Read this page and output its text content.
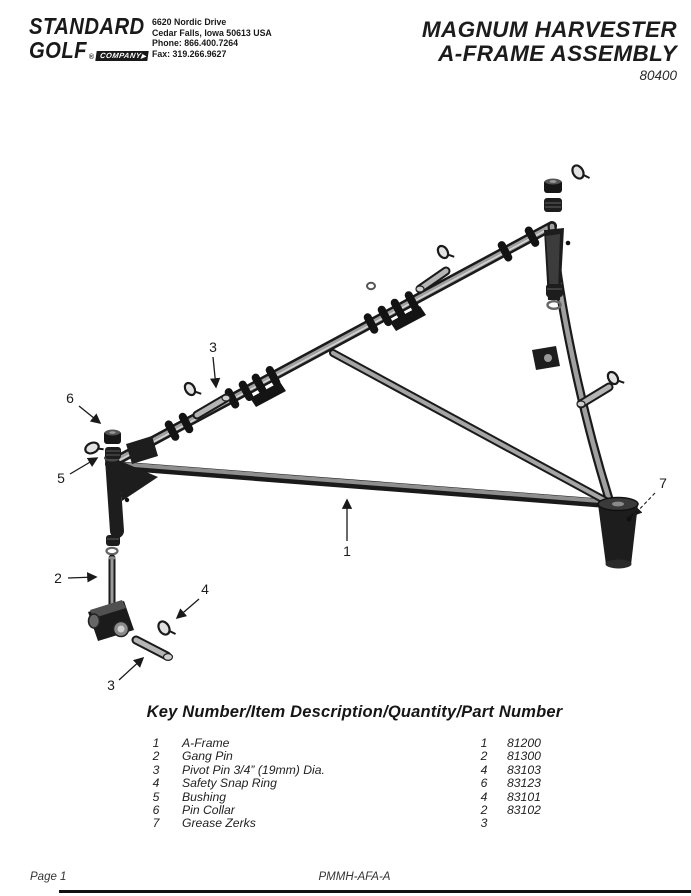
STANDARD
GOLF ® COMPANY▶
6620 Nordic Drive
Cedar Falls, Iowa 50613 USA
Phone: 866.400.7264
Fax: 319.266.9627
MAGNUM HARVESTER
A-FRAME ASSEMBLY
80400
3
6
5
2
4
3
1
7
Key Number/Item Description/Quantity/Part Number
1	A-Frame	1	81200
2	Gang Pin	2	81300
3	Pivot Pin 3/4” (19mm) Dia.	4	83103
4	Safety Snap Ring	6	83123
5	Bushing	4	83101
6	Pin Collar	2	83102
7	Grease Zerks	3
Page 1	PMMH-AFA-A
